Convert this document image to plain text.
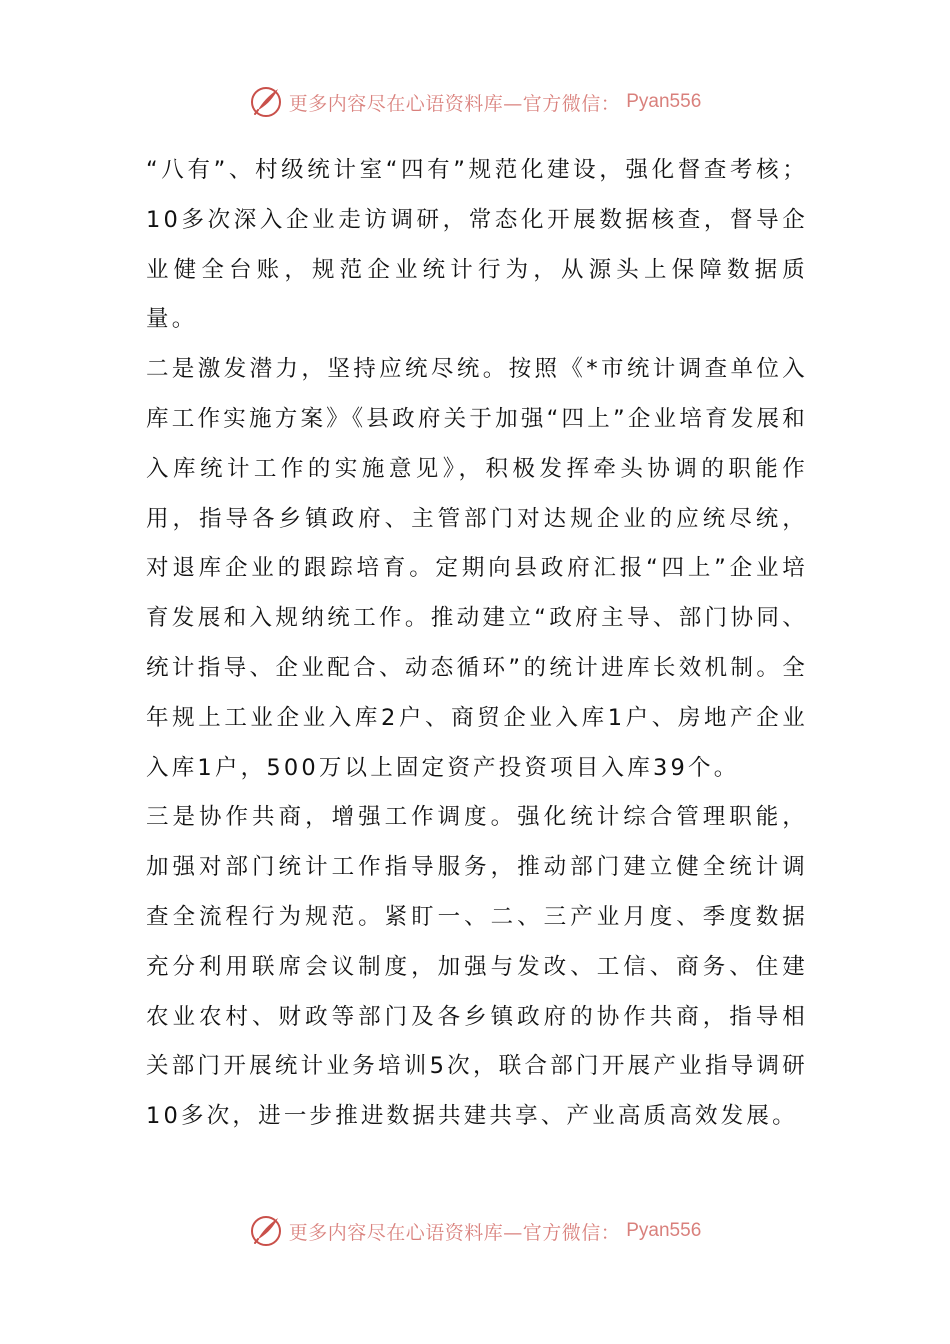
更多内容尽在心语资料库—官方微信： Pyan556

“八有”、村级统计室“四有”规范化建设，强化督查考核；10多次深入企业走访调研，常态化开展数据核查，督导企业健全台账，规范企业统计行为，从源头上保障数据质量。

二是激发潜力，坚持应统尽统。按照《*市统计调查单位入库工作实施方案》《县政府关于加强“四上”企业培育发展和入库统计工作的实施意见》，积极发挥牵头协调的职能作用，指导各乡镇政府、主管部门对达规企业的应统尽统，对退库企业的跟踪培育。定期向县政府汇报“四上”企业培育发展和入规纳统工作。推动建立“政府主导、部门协同、统计指导、企业配合、动态循环”的统计进库长效机制。全年规上工业企业入库2户、商贸企业入库1户、房地产企业入库1户，500万以上固定资产投资项目入库39个。

三是协作共商，增强工作调度。强化统计综合管理职能，加强对部门统计工作指导服务，推动部门建立健全统计调查全流程行为规范。紧盯一、二、三产业月度、季度数据充分利用联席会议制度，加强与发改、工信、商务、住建农业农村、财政等部门及各乡镇政府的协作共商，指导相关部门开展统计业务培训5次，联合部门开展产业指导调研10多次，进一步推进数据共建共享、产业高质高效发展。

更多内容尽在心语资料库—官方微信： Pyan556
